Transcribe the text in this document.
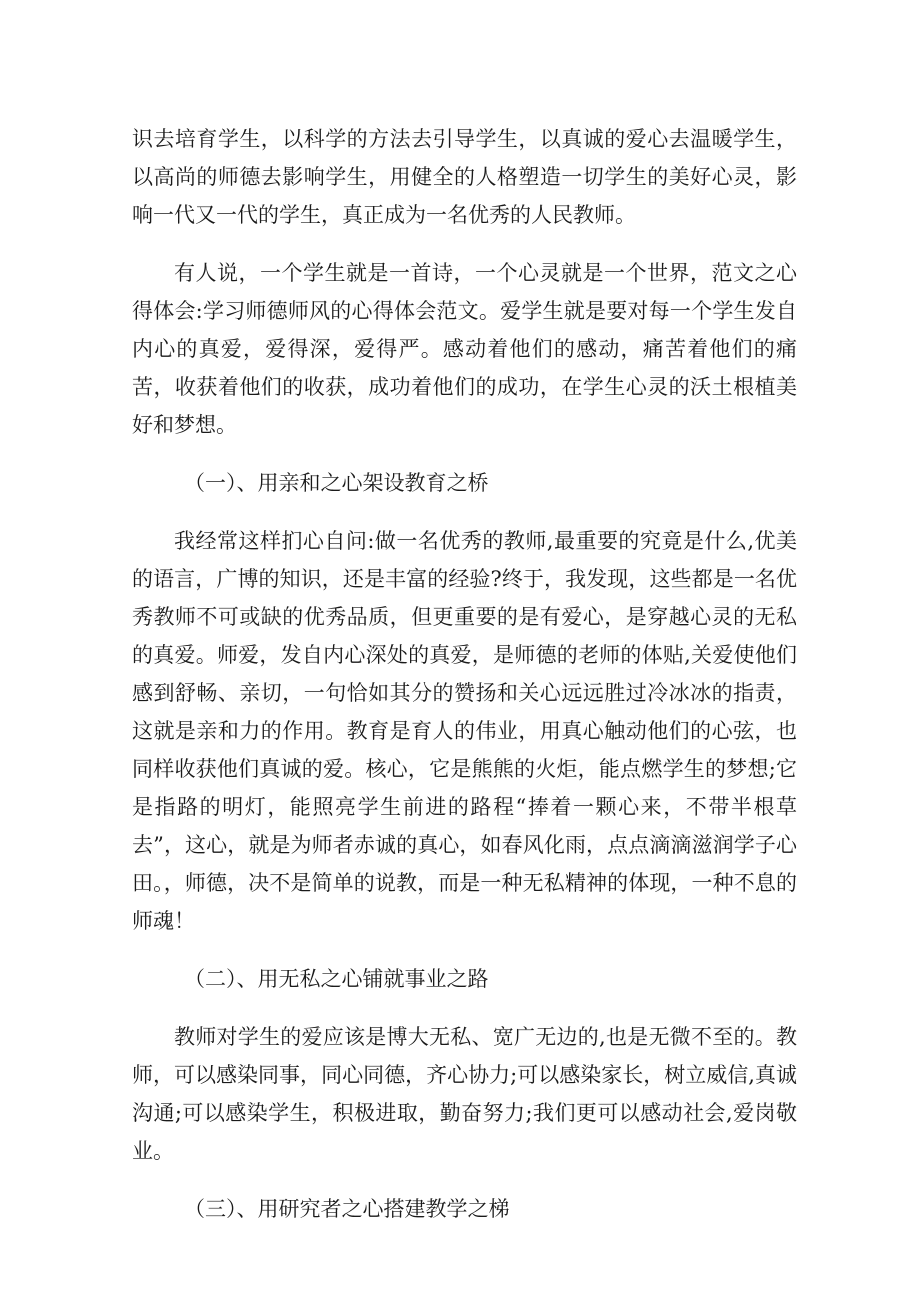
识去培育学生，以科学的方法去引导学生，以真诚的爱心去温暖学生，以高尚的师德去影响学生，用健全的人格塑造一切学生的美好心灵，影响一代又一代的学生，真正成为一名优秀的人民教师。

有人说，一个学生就是一首诗，一个心灵就是一个世界，范文之心得体会:学习师德师风的心得体会范文。爱学生就是要对每一个学生发自内心的真爱，爱得深，爱得严。感动着他们的感动，痛苦着他们的痛苦，收获着他们的收获，成功着他们的成功，在学生心灵的沃土根植美好和梦想。

（一）、用亲和之心架设教育之桥

我经常这样扪心自问:做一名优秀的教师,最重要的究竟是什么,优美的语言，广博的知识，还是丰富的经验?终于，我发现，这些都是一名优秀教师不可或缺的优秀品质，但更重要的是有爱心，是穿越心灵的无私的真爱。师爱，发自内心深处的真爱，是师德的老师的体贴,关爱使他们感到舒畅、亲切，一句恰如其分的赞扬和关心远远胜过冷冰冰的指责，这就是亲和力的作用。教育是育人的伟业，用真心触动他们的心弦，也同样收获他们真诚的爱。核心，它是熊熊的火炬，能点燃学生的梦想;它是指路的明灯，能照亮学生前进的路程“捧着一颗心来，不带半根草去”，这心，就是为师者赤诚的真心，如春风化雨，点点滴滴滋润学子心田。，师德，决不是简单的说教，而是一种无私精神的体现，一种不息的师魂！

（二）、用无私之心铺就事业之路

教师对学生的爱应该是博大无私、宽广无边的,也是无微不至的。教师，可以感染同事，同心同德，齐心协力;可以感染家长，树立威信,真诚沟通;可以感染学生，积极进取，勤奋努力;我们更可以感动社会,爱岗敬业。

（三）、用研究者之心搭建教学之梯
